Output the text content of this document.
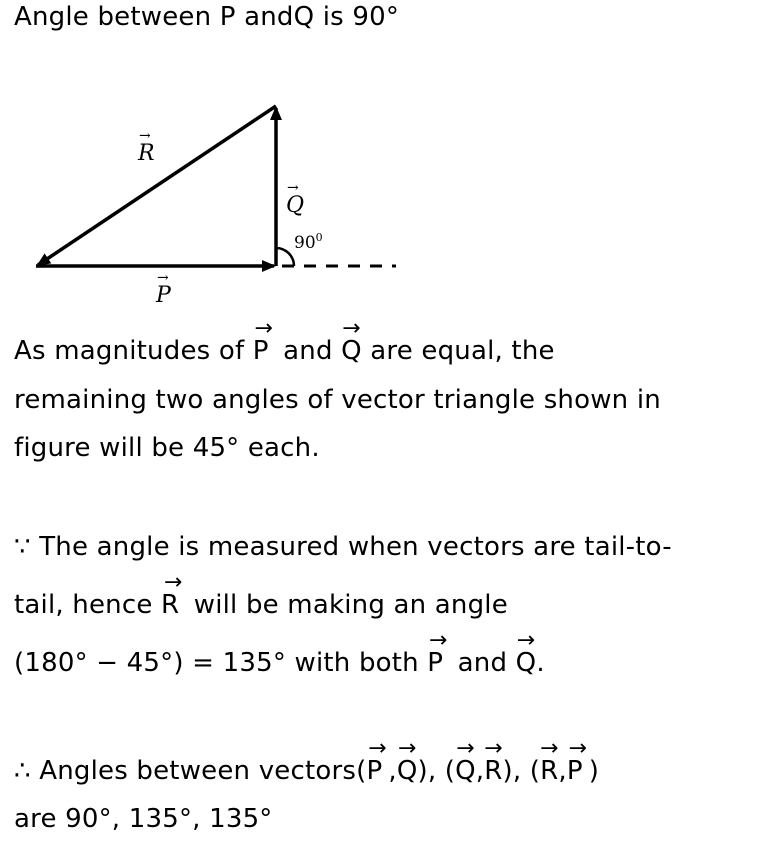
Angle between P andQ is 90°

R
→
Q
→
P
→
$90^0$

As magnitudes of → P and → Q are equal, the

remaining two angles of vector triangle shown in

figure will be 45° each.

∵ The angle is measured when vectors are tail-to-

tail, hence → R will be making an angle

(180° − 45°) = 135° with both → P and → Q.

∴ Angles between vectors(→ P ,→ Q), (→ Q,→ R), (→ R,→ P )

are 90°, 135°, 135°
